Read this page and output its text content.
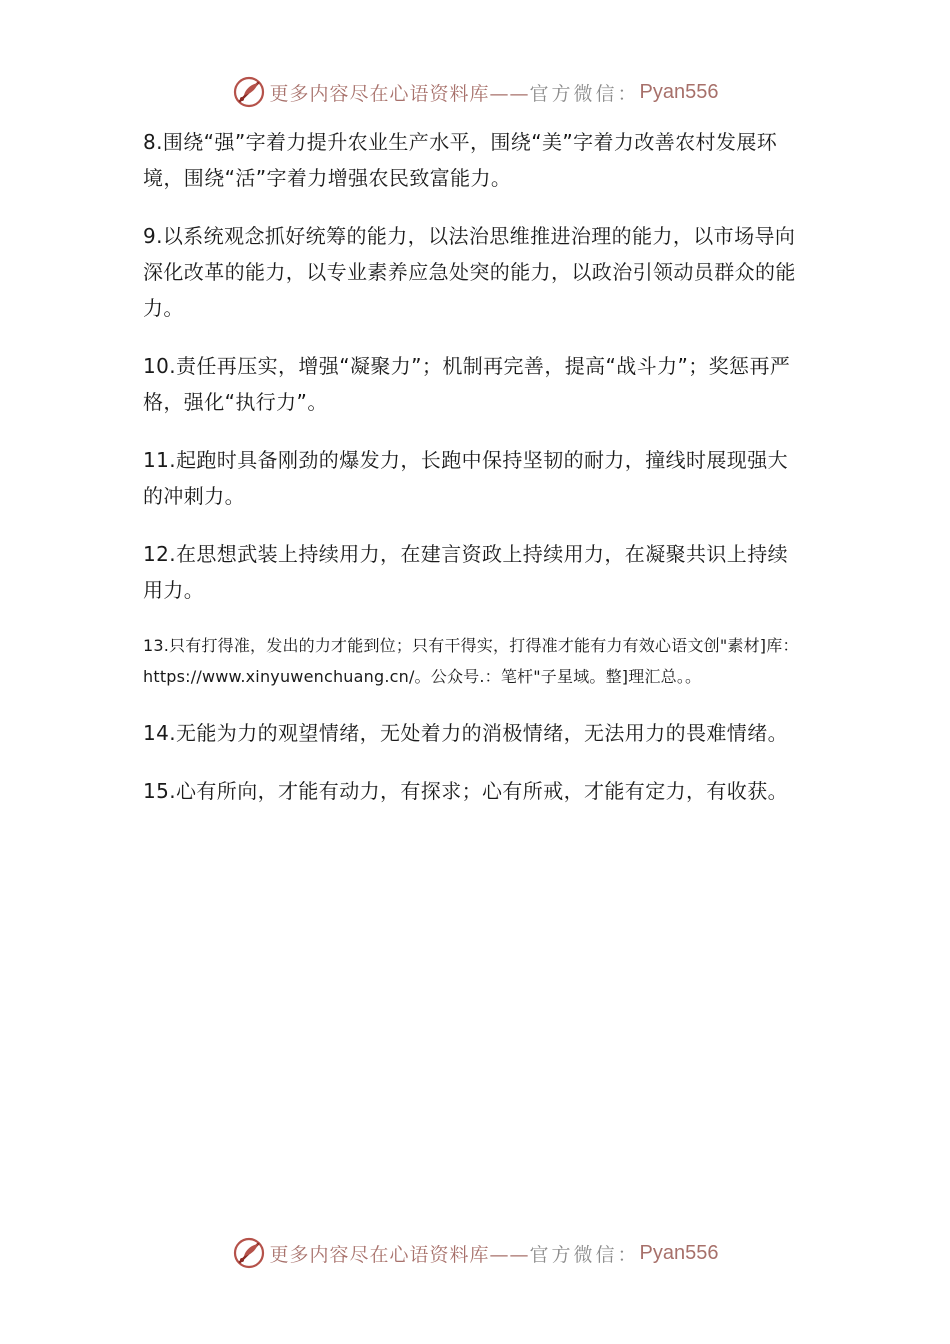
更多内容尽在心语资料库—— 官方微信： Pyan556

8.围绕“强”字着力提升农业生产水平，围绕“美”字着力改善农村发展环境，围绕“活”字着力增强农民致富能力。

9.以系统观念抓好统筹的能力，以法治思维推进治理的能力，以市场导向深化改革的能力，以专业素养应急处突的能力，以政治引领动员群众的能力。

10.责任再压实，增强“凝聚力”；机制再完善，提高“战斗力”；奖惩再严格，强化“执行力”。

11.起跑时具备刚劲的爆发力，长跑中保持坚韧的耐力，撞线时展现强大的冲刺力。

12.在思想武装上持续用力，在建言资政上持续用力，在凝聚共识上持续用力。

13.只有打得准，发出的力才能到位；只有干得实，打得准才能有力有效心语文创"素材]库：https://www.xinyuwenchuang.cn/。公众号.：笔杆"子星域。整]理汇总。。

14.无能为力的观望情绪，无处着力的消极情绪，无法用力的畏难情绪。

15.心有所向，才能有动力，有探求；心有所戒，才能有定力，有收获。

更多内容尽在心语资料库—— 官方微信： Pyan556
